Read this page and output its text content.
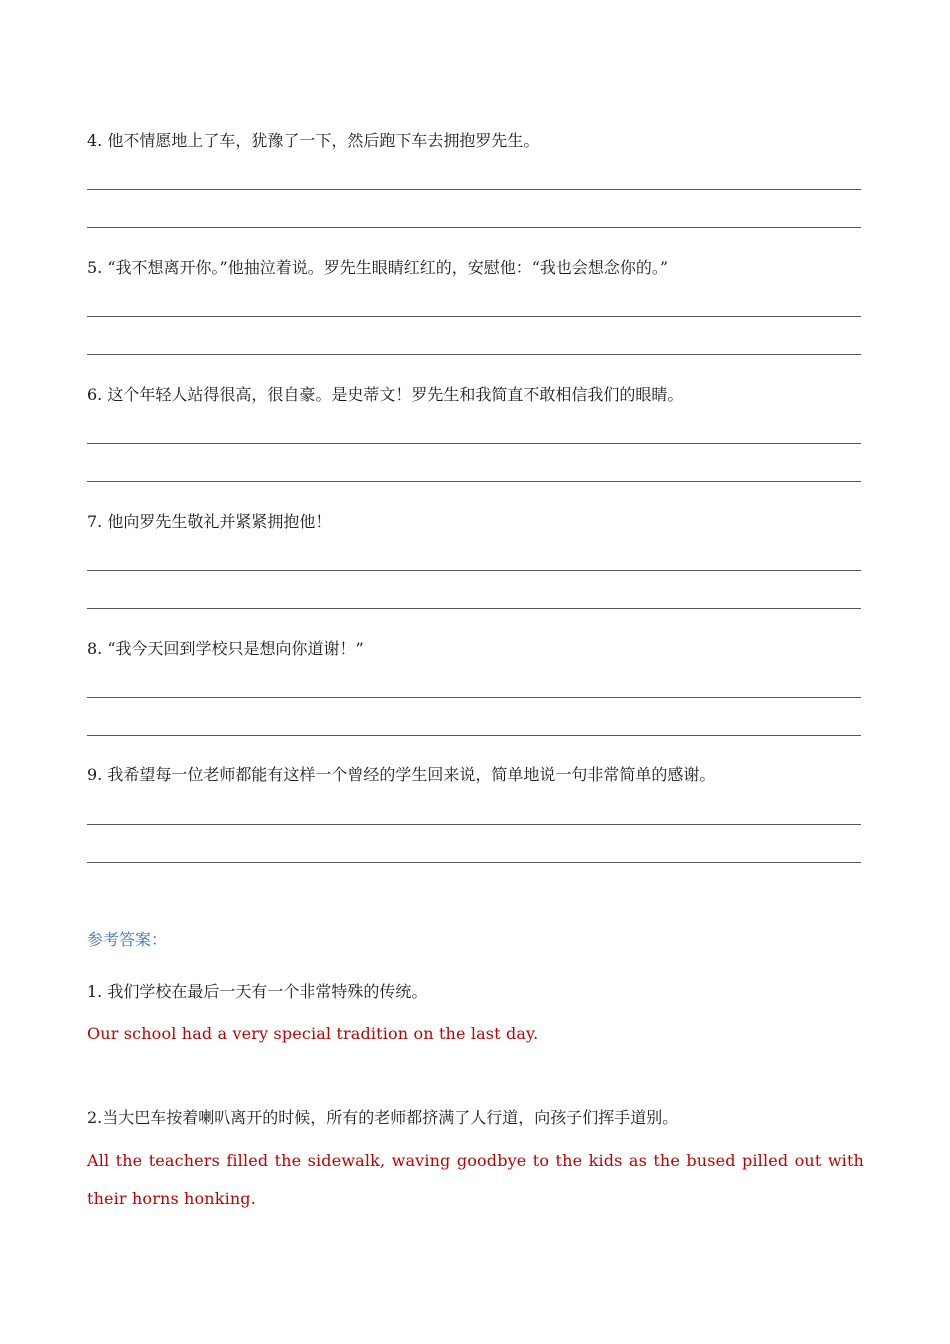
4. 他不情愿地上了车，犹豫了一下，然后跑下车去拥抱罗先生。
5. “我不想离开你。”他抽泣着说。罗先生眼睛红红的，安慰他：“我也会想念你的。”
6. 这个年轻人站得很高，很自豪。是史蒂文！罗先生和我简直不敢相信我们的眼睛。
7. 他向罗先生敬礼并紧紧拥抱他！
8. “我今天回到学校只是想向你道谢！”
9. 我希望每一位老师都能有这样一个曾经的学生回来说，简单地说一句非常简单的感谢。
参考答案：
1. 我们学校在最后一天有一个非常特殊的传统。
Our school had a very special tradition on the last day.
2.当大巴车按着喇叭离开的时候，所有的老师都挤满了人行道，向孩子们挥手道别。
All the teachers filled the sidewalk, waving goodbye to the kids as the bused pilled out with their horns honking.
